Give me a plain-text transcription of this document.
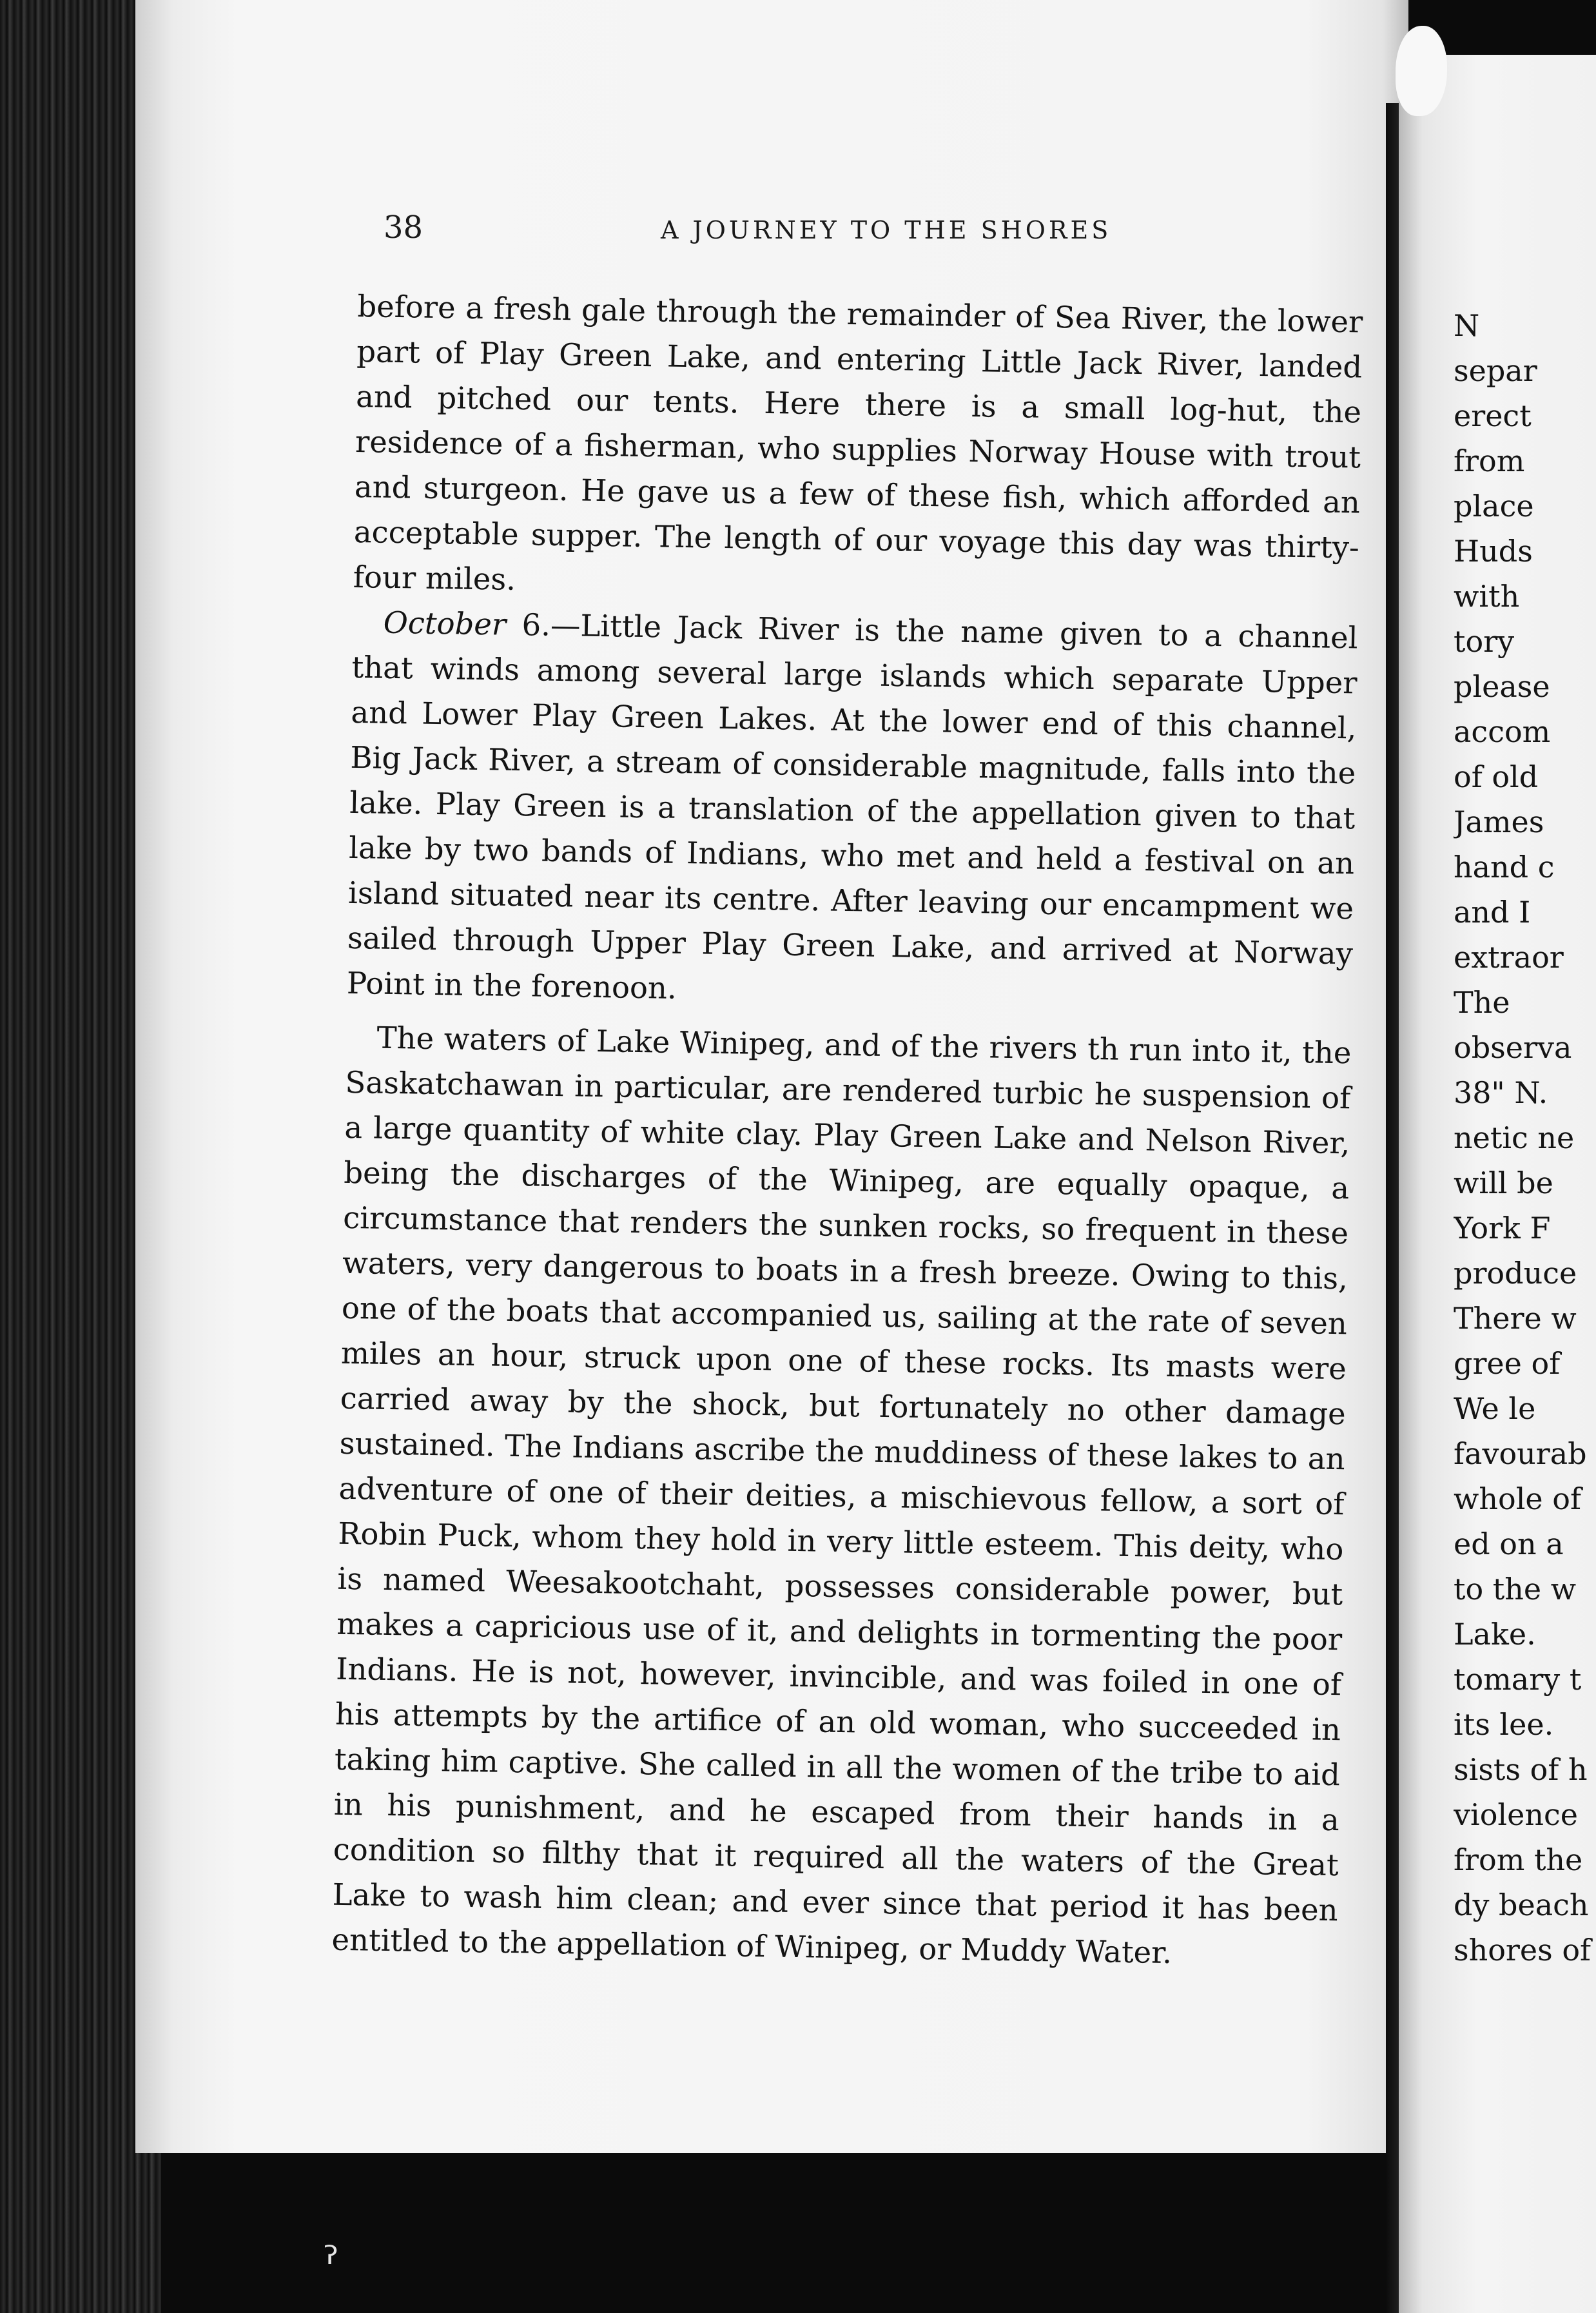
38	A JOURNEY TO THE SHORES

before a fresh gale through the remainder of Sea River, the lower part of Play Green Lake, and entering Little Jack River, landed and pitched our tents. Here there is a small log-hut, the residence of a fisherman, who supplies Norway House with trout and sturgeon. He gave us a few of these fish, which afforded an acceptable supper. The length of our voyage this day was thirty-four miles.

October 6.—Little Jack River is the name given to a channel that winds among several large islands which separate Upper and Lower Play Green Lakes. At the lower end of this channel, Big Jack River, a stream of considerable magnitude, falls into the lake. Play Green is a translation of the appellation given to that lake by two bands of Indians, who met and held a festival on an island situated near its centre. After leaving our encampment we sailed through Upper Play Green Lake, and arrived at Norway Point in the forenoon.

The waters of Lake Winipeg, and of the rivers th run into it, the Saskatchawan in particular, are rendered turbic he suspension of a large quantity of white clay. Play Green Lake and Nelson River, being the discharges of the Winipeg, are equally opaque, a circumstance that renders the sunken rocks, so frequent in these waters, very dangerous to boats in a fresh breeze. Owing to this, one of the boats that accompanied us, sailing at the rate of seven miles an hour, struck upon one of these rocks. Its masts were carried away by the shock, but fortunately no other damage sustained. The Indians ascribe the muddiness of these lakes to an adventure of one of their deities, a mischievous fellow, a sort of Robin Puck, whom they hold in very little esteem. This deity, who is named Weesakootchaht, possesses considerable power, but makes a capricious use of it, and delights in tormenting the poor Indians. He is not, however, invincible, and was foiled in one of his attempts by the artifice of an old woman, who succeeded in taking him captive. She called in all the women of the tribe to aid in his punishment, and he escaped from their hands in a condition so filthy that it required all the waters of the Great Lake to wash him clean; and ever since that period it has been entitled to the appellation of Winipeg, or Muddy Water.

N
separ
erect
from
place
Huds
with
tory
please
accom
of old
James
hand c
and I
extraor
The
observa
38" N.
netic ne
will be
York F
produce
There w
gree of
We le
favourab
whole of
ed on a
to the w
Lake.
tomary t
its lee.
sists of h
violence
from the
dy beach
shores of
ˀ
